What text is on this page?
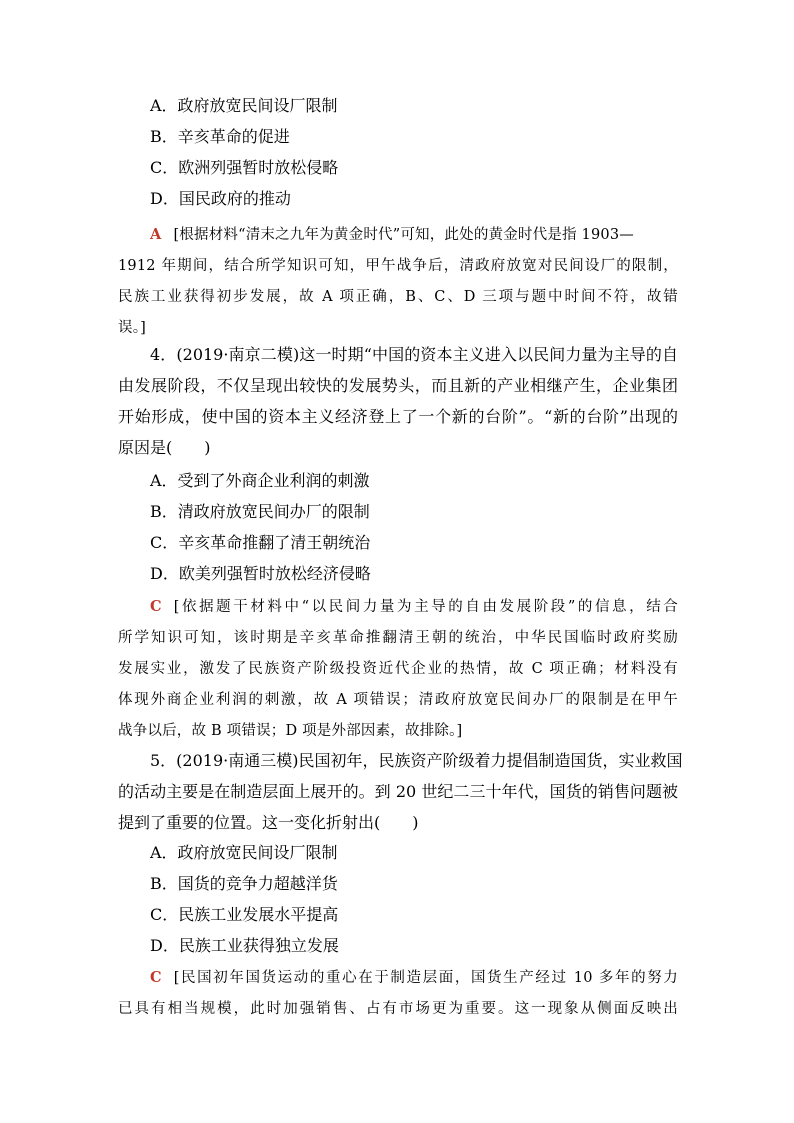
A．政府放宽民间设厂限制
B．辛亥革命的促进
C．欧洲列强暂时放松侵略
D．国民政府的推动
A [根据材料“清末之九年为黄金时代”可知，此处的黄金时代是指 1903—
1912 年期间，结合所学知识可知，甲午战争后，清政府放宽对民间设厂的限制，
民族工业获得初步发展，故 A 项正确，B、C、D 三项与题中时间不符，故错
误。]
4．(2019·南京二模)这一时期“中国的资本主义进入以民间力量为主导的自
由发展阶段，不仅呈现出较快的发展势头，而且新的产业相继产生，企业集团
开始形成，使中国的资本主义经济登上了一个新的台阶”。“新的台阶”出现的
原因是(　　)
A．受到了外商企业利润的刺激
B．清政府放宽民间办厂的限制
C．辛亥革命推翻了清王朝统治
D．欧美列强暂时放松经济侵略
C [依据题干材料中“以民间力量为主导的自由发展阶段”的信息，结合
所学知识可知，该时期是辛亥革命推翻清王朝的统治，中华民国临时政府奖励
发展实业，激发了民族资产阶级投资近代企业的热情，故 C 项正确；材料没有
体现外商企业利润的刺激，故 A 项错误；清政府放宽民间办厂的限制是在甲午
战争以后，故 B 项错误；D 项是外部因素，故排除。]
5．(2019·南通三模)民国初年，民族资产阶级着力提倡制造国货，实业救国
的活动主要是在制造层面上展开的。到 20 世纪二三十年代，国货的销售问题被
提到了重要的位置。这一变化折射出(　　)
A．政府放宽民间设厂限制
B．国货的竞争力超越洋货
C．民族工业发展水平提高
D．民族工业获得独立发展
C [民国初年国货运动的重心在于制造层面，国货生产经过 10 多年的努力
已具有相当规模，此时加强销售、占有市场更为重要。这一现象从侧面反映出
